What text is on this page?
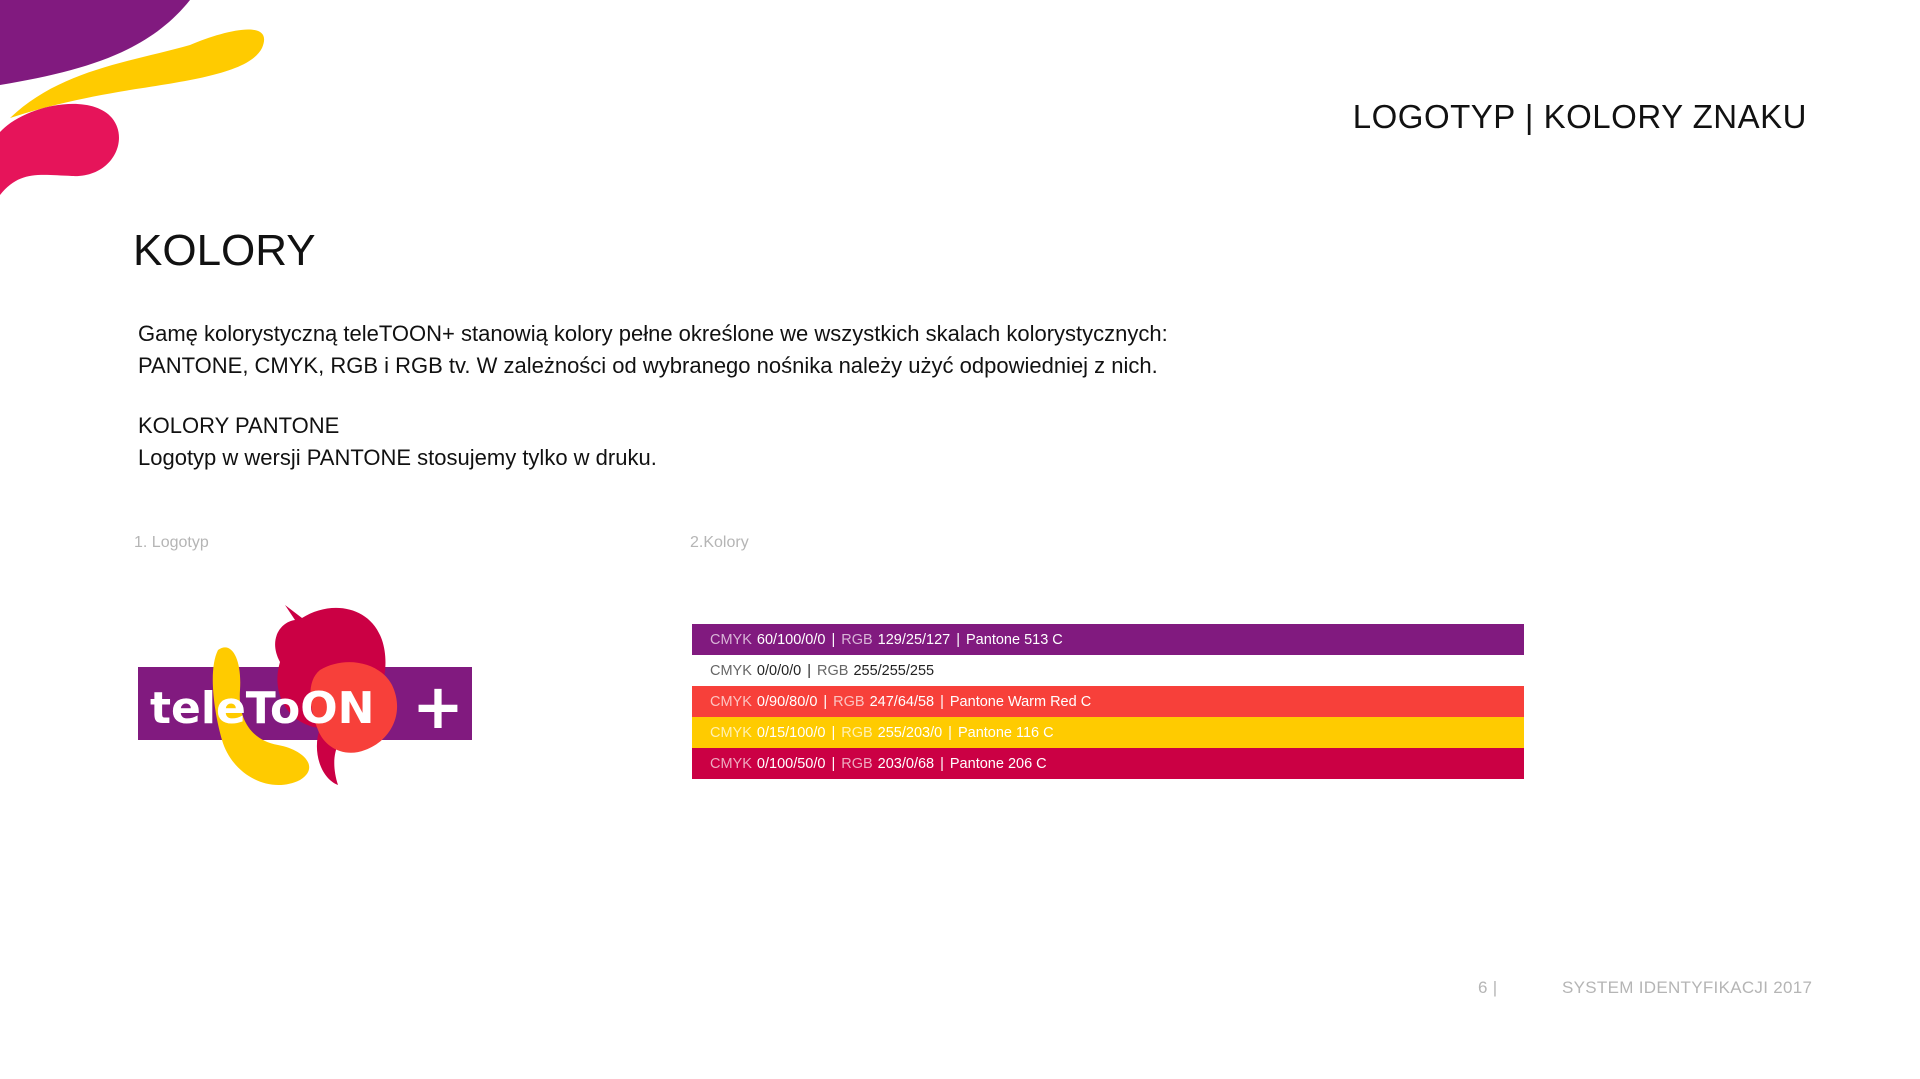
LOGOTYP | KOLORY ZNAKU
KOLORY

Gamę kolorystyczną teleTOON+ stanowią kolory pełne określone we wszystkich skalach kolorystycznych:

PANTONE, CMYK, RGB i RGB tv. W zależności od wybranego nośnika należy użyć odpowiedniej z nich.

KOLORY PANTONE

Logotyp w wersji PANTONE stosujemy tylko w druku.

1. Logotyp	2.Kolory
teleToON +
CMYK 60/100/0/0 | RGB 129/25/127 | Pantone 513 C
CMYK 0/0/0/0 | RGB 255/255/255
CMYK 0/90/80/0 | RGB 247/64/58 | Pantone Warm Red C
CMYK 0/15/100/0 | RGB 255/203/0 | Pantone 116 C
CMYK 0/100/50/0 | RGB 203/0/68 | Pantone 206 C
6 |	SYSTEM IDENTYFIKACJI 2017
